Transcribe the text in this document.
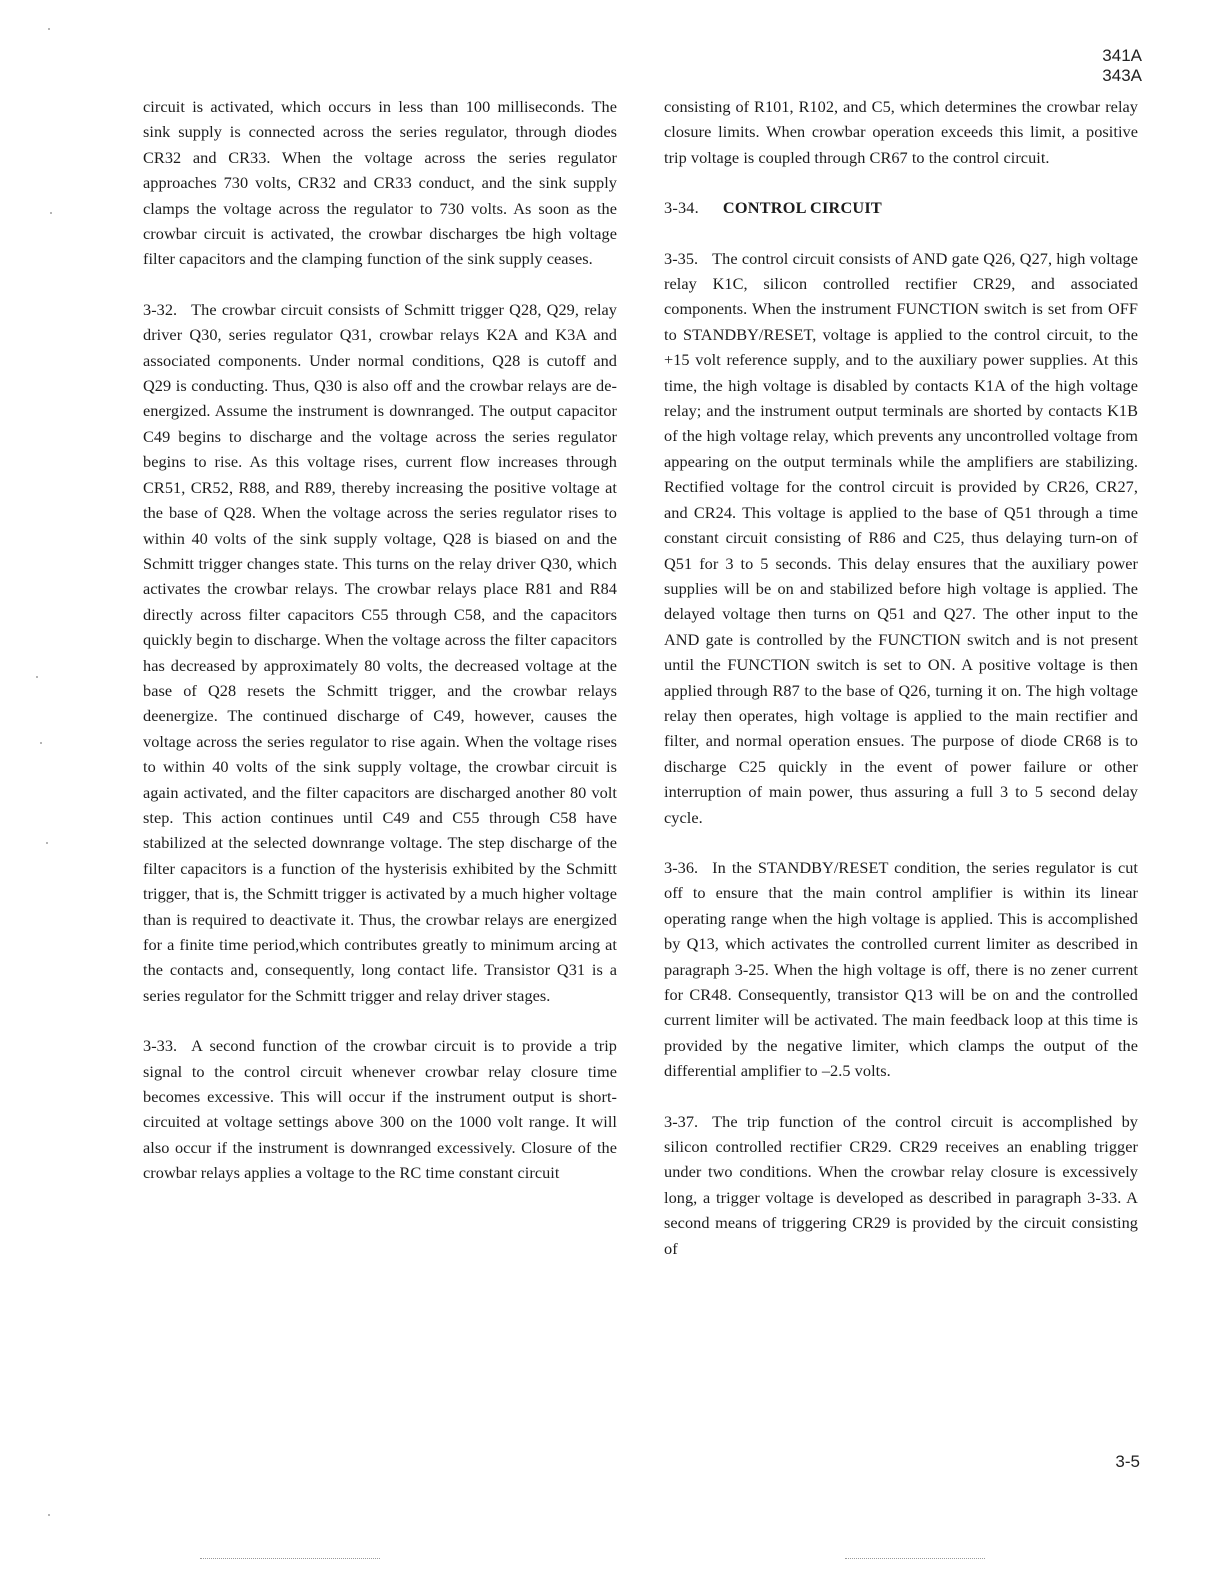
341A
343A

circuit is activated, which occurs in less than 100 milliseconds. The sink supply is connected across the series regulator, through diodes CR32 and CR33. When the voltage across the series regulator approaches 730 volts, CR32 and CR33 conduct, and the sink supply clamps the voltage across the regulator to 730 volts. As soon as the crowbar circuit is activated, the crowbar discharges tbe high voltage filter capacitors and the clamping function of the sink supply ceases.

3-32. The crowbar circuit consists of Schmitt trigger Q28, Q29, relay driver Q30, series regulator Q31, crowbar relays K2A and K3A and associated components. Under normal conditions, Q28 is cutoff and Q29 is conducting. Thus, Q30 is also off and the crowbar relays are de-energized. Assume the instrument is downranged. The output capacitor C49 begins to discharge and the voltage across the series regulator begins to rise. As this voltage rises, current flow increases through CR51, CR52, R88, and R89, thereby increasing the positive voltage at the base of Q28. When the voltage across the series regulator rises to within 40 volts of the sink supply voltage, Q28 is biased on and the Schmitt trigger changes state. This turns on the relay driver Q30, which activates the crowbar relays. The crowbar relays place R81 and R84 directly across filter capacitors C55 through C58, and the capacitors quickly begin to discharge. When the voltage across the filter capacitors has decreased by approximately 80 volts, the decreased voltage at the base of Q28 resets the Schmitt trigger, and the crowbar relays deenergize. The continued discharge of C49, however, causes the voltage across the series regulator to rise again. When the voltage rises to within 40 volts of the sink supply voltage, the crowbar circuit is again activated, and the filter capacitors are discharged another 80 volt step. This action continues until C49 and C55 through C58 have stabilized at the selected downrange voltage. The step discharge of the filter capacitors is a function of the hysterisis exhibited by the Schmitt trigger, that is, the Schmitt trigger is activated by a much higher voltage than is required to deactivate it. Thus, the crowbar relays are energized for a finite time period,which contributes greatly to minimum arcing at the contacts and, consequently, long contact life. Transistor Q31 is a series regulator for the Schmitt trigger and relay driver stages.

3-33. A second function of the crowbar circuit is to provide a trip signal to the control circuit whenever crowbar relay closure time becomes excessive. This will occur if the instrument output is short-circuited at voltage settings above 300 on the 1000 volt range. It will also occur if the instrument is downranged excessively. Closure of the crowbar relays applies a voltage to the RC time constant circuit

consisting of R101, R102, and C5, which determines the crowbar relay closure limits. When crowbar operation exceeds this limit, a positive trip voltage is coupled through CR67 to the control circuit.

3-34. CONTROL CIRCUIT

3-35. The control circuit consists of AND gate Q26, Q27, high voltage relay K1C, silicon controlled rectifier CR29, and associated components. When the instrument FUNCTION switch is set from OFF to STANDBY/RESET, voltage is applied to the control circuit, to the +15 volt reference supply, and to the auxiliary power supplies. At this time, the high voltage is disabled by contacts K1A of the high voltage relay; and the instrument output terminals are shorted by contacts K1B of the high voltage relay, which prevents any uncontrolled voltage from appearing on the output terminals while the amplifiers are stabilizing. Rectified voltage for the control circuit is provided by CR26, CR27, and CR24. This voltage is applied to the base of Q51 through a time constant circuit consisting of R86 and C25, thus delaying turn-on of Q51 for 3 to 5 seconds. This delay ensures that the auxiliary power supplies will be on and stabilized before high voltage is applied. The delayed voltage then turns on Q51 and Q27. The other input to the AND gate is controlled by the FUNCTION switch and is not present until the FUNCTION switch is set to ON. A positive voltage is then applied through R87 to the base of Q26, turning it on. The high voltage relay then operates, high voltage is applied to the main rectifier and filter, and normal operation ensues. The purpose of diode CR68 is to discharge C25 quickly in the event of power failure or other interruption of main power, thus assuring a full 3 to 5 second delay cycle.

3-36. In the STANDBY/RESET condition, the series regulator is cut off to ensure that the main control amplifier is within its linear operating range when the high voltage is applied. This is accomplished by Q13, which activates the controlled current limiter as described in paragraph 3-25. When the high voltage is off, there is no zener current for CR48. Consequently, transistor Q13 will be on and the controlled current limiter will be activated. The main feedback loop at this time is provided by the negative limiter, which clamps the output of the differential amplifier to –2.5 volts.

3-37. The trip function of the control circuit is accomplished by silicon controlled rectifier CR29. CR29 receives an enabling trigger under two conditions. When the crowbar relay closure is excessively long, a trigger voltage is developed as described in paragraph 3-33. A second means of triggering CR29 is provided by the circuit consisting of

3-5
